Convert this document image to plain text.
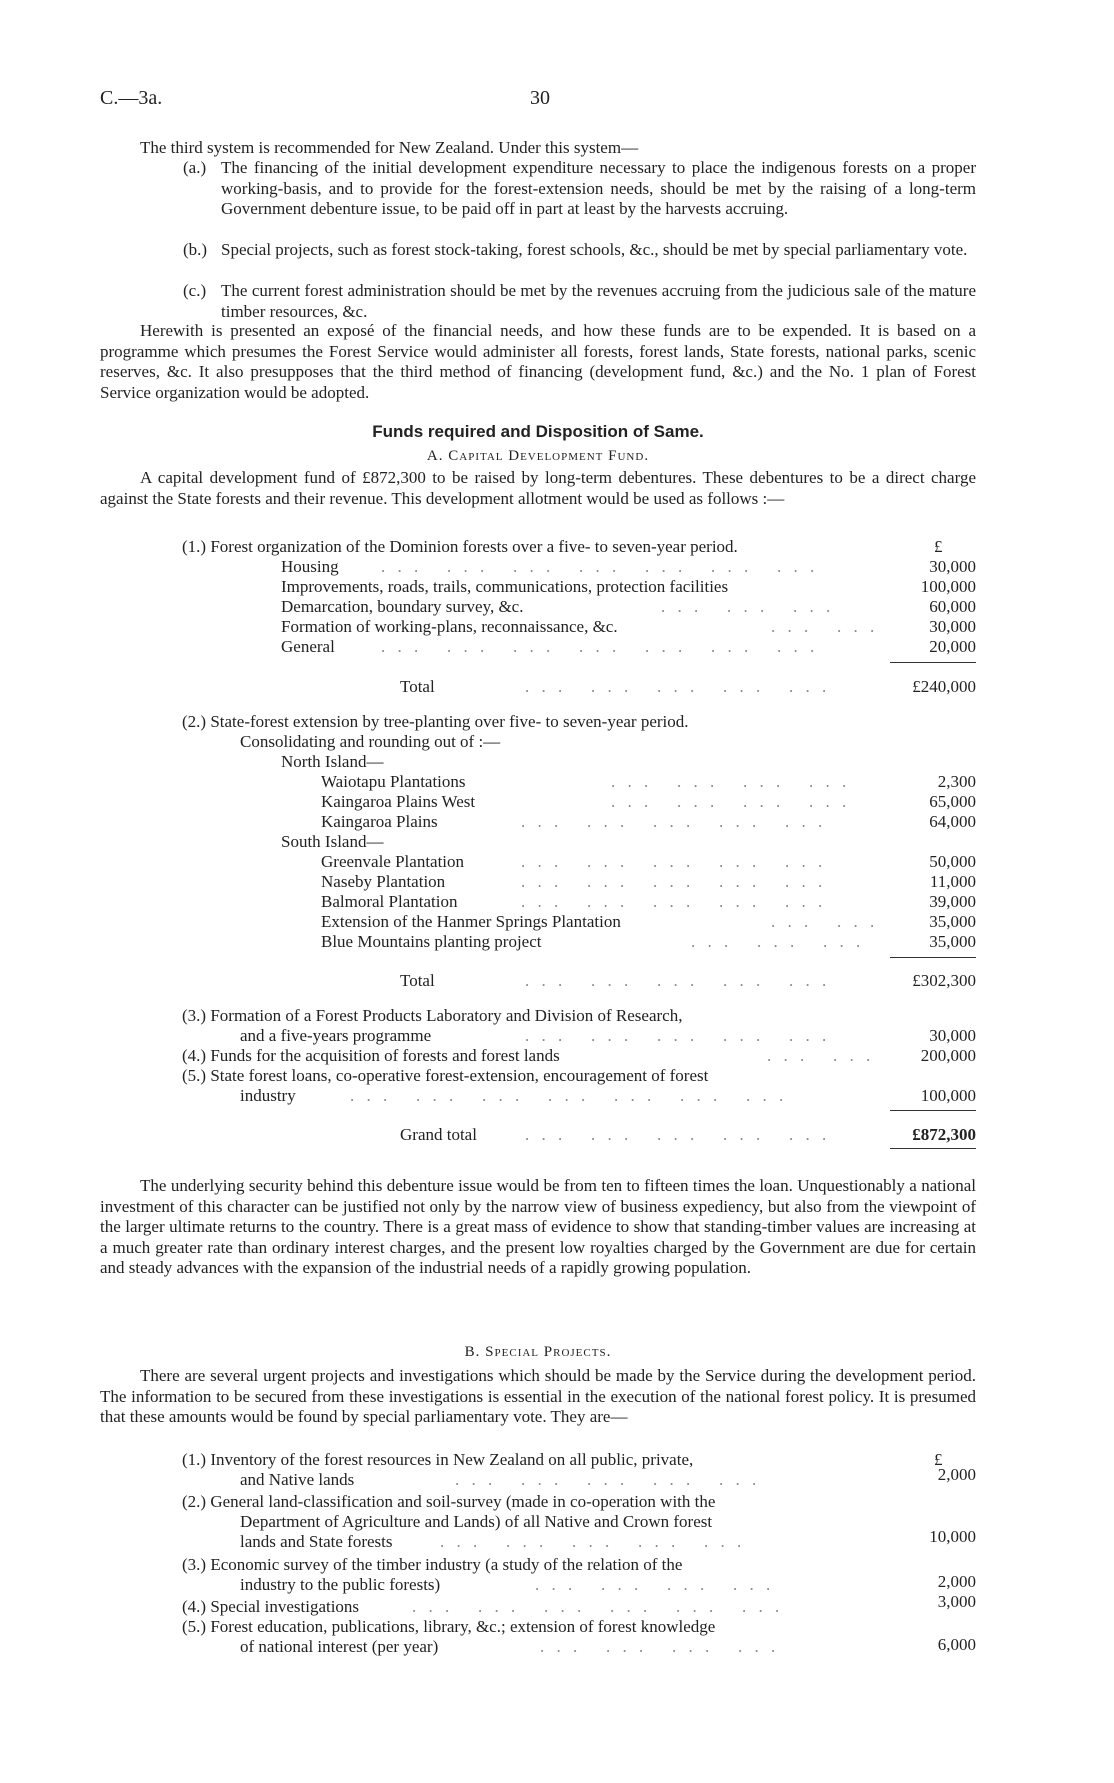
C.—3a.	30
The third system is recommended for New Zealand. Under this system—
(a.) The financing of the initial development expenditure necessary to place the indigenous forests on a proper working-basis, and to provide for the forest-extension needs, should be met by the raising of a long-term Government debenture issue, to be paid off in part at least by the harvests accruing.
(b.) Special projects, such as forest stock-taking, forest schools, &c., should be met by special parliamentary vote.
(c.) The current forest administration should be met by the revenues accruing from the judicious sale of the mature timber resources, &c.
Herewith is presented an exposé of the financial needs, and how these funds are to be expended. It is based on a programme which presumes the Forest Service would administer all forests, forest lands, State forests, national parks, scenic reserves, &c. It also presupposes that the third method of financing (development fund, &c.) and the No. 1 plan of Forest Service organization would be adopted.
Funds required and Disposition of Same.
A. Capital Development Fund.
A capital development fund of £872,300 to be raised by long-term debentures. These debentures to be a direct charge against the State forests and their revenue. This development allotment would be used as follows :—
(1.) Forest organization of the Dominion forests over a five- to seven-year period.	£
Housing . . .   . . .   . . .   . . .   . . .   . . .   . . .	30,000
Improvements, roads, trails, communications, protection facilities	100,000
Demarcation, boundary survey, &c.	. . .   . . .   . . .	60,000
Formation of working-plans, reconnaissance, &c.	. . .   . . .	30,000
General	. . .   . . .   . . .   . . .   . . .   . . .   . . .	20,000
Total	. . .   . . .   . . .   . . .   . . .	£240,000
(2.) State-forest extension by tree-planting over five- to seven-year period.
Consolidating and rounding out of :—
North Island—
Waiotapu Plantations	. . .   . . .   . . .   . . .	2,300
Kaingaroa Plains West	. . .   . . .   . . .   . . .	65,000
Kaingaroa Plains	. . .   . . .   . . .   . . .   . . .	64,000
South Island—
Greenvale Plantation	. . .   . . .   . . .   . . .   . . .	50,000
Naseby Plantation	. . .   . . .   . . .   . . .   . . .	11,000
Balmoral Plantation	. . .   . . .   . . .   . . .   . . .	39,000
Extension of the Hanmer Springs Plantation	. . .   . . .	35,000
Blue Mountains planting project	. . .   . . .   . . .	35,000
Total	. . .   . . .   . . .   . . .   . . .	£302,300
(3.) Formation of a Forest Products Laboratory and Division of Research,
and a five-years programme	. . .   . . .   . . .   . . .   . . .	30,000
(4.) Funds for the acquisition of forests and forest lands	. . .   . . .	200,000
(5.) State forest loans, co-operative forest-extension, encouragement of forest
industry	. . .   . . .   . . .   . . .   . . .   . . .   . . .	100,000
Grand total	. . .   . . .   . . .   . . .   . . .	£872,300
The underlying security behind this debenture issue would be from ten to fifteen times the loan. Unquestionably a national investment of this character can be justified not only by the narrow view of business expediency, but also from the viewpoint of the larger ultimate returns to the country. There is a great mass of evidence to show that standing-timber values are increasing at a much greater rate than ordinary interest charges, and the present low royalties charged by the Government are due for certain and steady advances with the expansion of the industrial needs of a rapidly growing population.
B. Special Projects.
There are several urgent projects and investigations which should be made by the Service during the development period. The information to be secured from these investigations is essential in the execution of the national forest policy. It is presumed that these amounts would be found by special parliamentary vote. They are—
£
(1.) Inventory of the forest resources in New Zealand on all public, private,
and Native lands	. . .   . . .   . . .   . . .   . . .	2,000
(2.) General land-classification and soil-survey (made in co-operation with the
Department of Agriculture and Lands) of all Native and Crown forest
lands and State forests	. . .   . . .   . . .   . . .   . . .	10,000
(3.) Economic survey of the timber industry (a study of the relation of the
industry to the public forests)	. . .   . . .   . . .   . . .	2,000
(4.) Special investigations	. . .   . . .   . . .   . . .   . . .   . . .	3,000
(5.) Forest education, publications, library, &c.; extension of forest knowledge
of national interest (per year)	. . .   . . .   . . .   . . .	6,000
